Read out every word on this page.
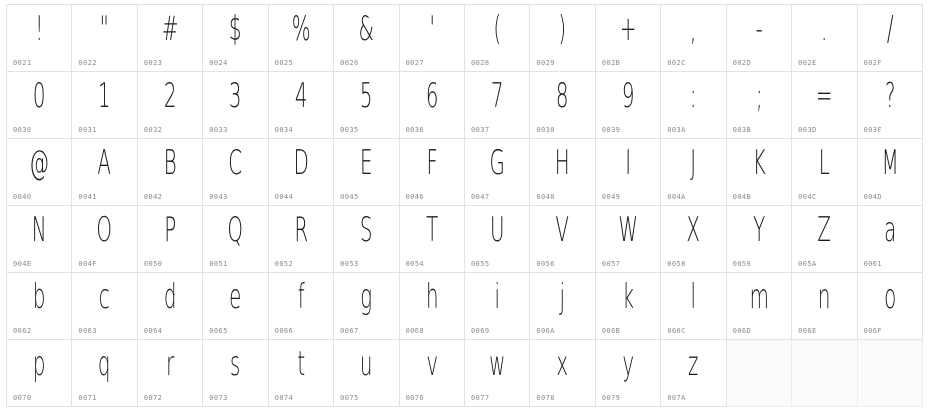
!
0021
"
0022
#
0023
$
0024
%
0025
&
0026
'
0027
(
0028
)
0029
+
002B
,
002C
-
002D
.
002E
/
002F
0
0030
1
0031
2
0032
3
0033
4
0034
5
0035
6
0036
7
0037
8
0038
9
0039
:
003A
;
003B
=
003D
?
003F
@
0040
A
0041
B
0042
C
0043
D
0044
E
0045
F
0046
G
0047
H
0048
I
0049
J
004A
K
004B
L
004C
M
004D
N
004E
O
004F
P
0050
Q
0051
R
0052
S
0053
T
0054
U
0055
V
0056
W
0057
X
0058
Y
0059
Z
005A
a
0061
b
0062
c
0063
d
0064
e
0065
f
0066
g
0067
h
0068
i
0069
j
006A
k
006B
l
006C
m
006D
n
006E
o
006F
p
0070
q
0071
r
0072
s
0073
t
0074
u
0075
v
0076
w
0077
x
0078
y
0079
z
007A
